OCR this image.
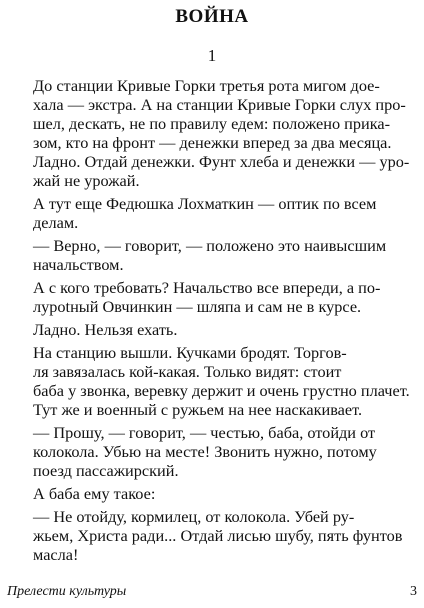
ВОЙНА
1

До станции Кривые Горки третья рота мигом дое-
хала — экстра. А на станции Кривые Горки слух про-
шел, дескать, не по правилу едем: положено прика-
зом, кто на фронт — денежки вперед за два месяца.
Ладно. Отдай денежки. Фунт хлеба и денежки — уро-
жай не урожай.

А тут еще Федюшка Лохматкин — оптик по всем
делам.

— Верно, — говорит, — положено это наивысшим
начальством.

А с кого требовать? Начальство все впереди, а по-
лурotный Овчинкин — шляпа и сам не в курсе.

Ладно. Нельзя ехать.

На станцию вышли. Кучками бродят. Торгов-
ля завязалась кой-какая. Только видят: стоит
баба у звонка, веревку держит и очень грустно плачет.
Тут же и военный с ружьем на нее наскакивает.

— Прошу, — говорит, — честью, баба, отойди от
колокола. Убью на месте! Звонить нужно, потому
поезд пассажирский.

А баба ему такое:

— Не отойду, кормилец, от колокола. Убей ру-
жьем, Христа ради... Отдай лисью шубу, пять фунтов
масла!

Прелести культуры	3
